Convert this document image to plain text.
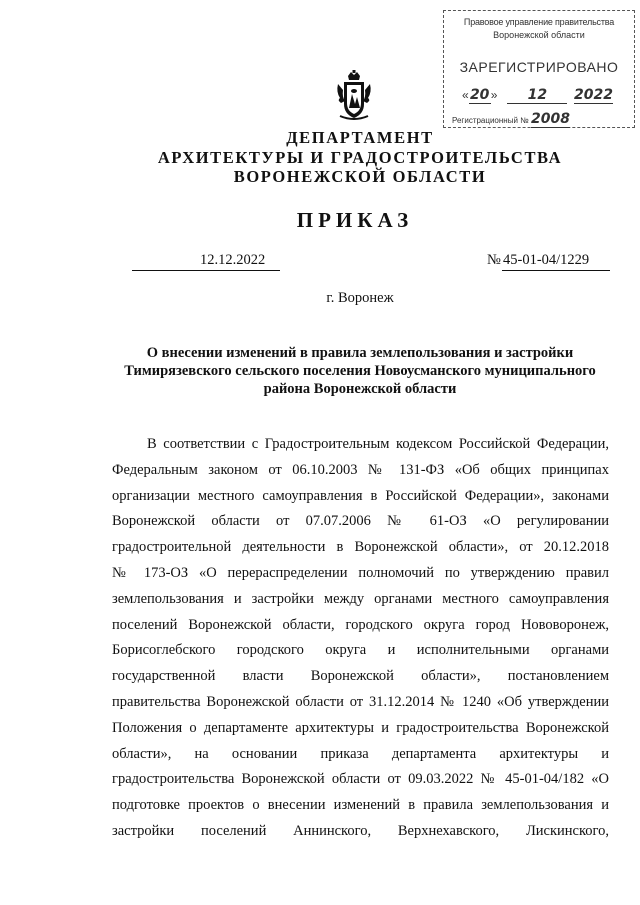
Правовое управление правительства
Воронежской области
ЗАРЕГИСТРИРОВАНО
«20»   12 2022
Регистрационный № 2008
ДЕПАРТАМЕНТ
АРХИТЕКТУРЫ И ГРАДОСТРОИТЕЛЬСТВА
ВОРОНЕЖСКОЙ ОБЛАСТИ
ПРИКАЗ
12.12.2022	№ 45-01-04/1229
г. Воронеж
О внесении изменений в правила землепользования и застройки
Тимирязевского сельского поселения Новоусманского муниципального
района Воронежской области
В соответствии с Градостроительным кодексом Российской Федерации,
Федеральным законом от 06.10.2003 № 131-ФЗ «Об общих принципах
организации местного самоуправления в Российской Федерации», законами
Воронежской области от 07.07.2006 № 61-ОЗ «О регулировании
градостроительной деятельности в Воронежской области», от 20.12.2018
№ 173-ОЗ «О перераспределении полномочий по утверждению правил
землепользования и застройки между органами местного самоуправления
поселений Воронежской области, городского округа город Нововоронеж,
Борисоглебского городского округа и исполнительными органами
государственной власти Воронежской области», постановлением
правительства Воронежской области от 31.12.2014 № 1240 «Об утверждении
Положения о департаменте архитектуры и градостроительства Воронежской
области», на основании приказа департамента архитектуры и
градостроительства Воронежской области от 09.03.2022 № 45-01-04/182 «О
подготовке проектов о внесении изменений в правила землепользования и
застройки поселений Аннинского, Верхнехавского, Лискинского,
